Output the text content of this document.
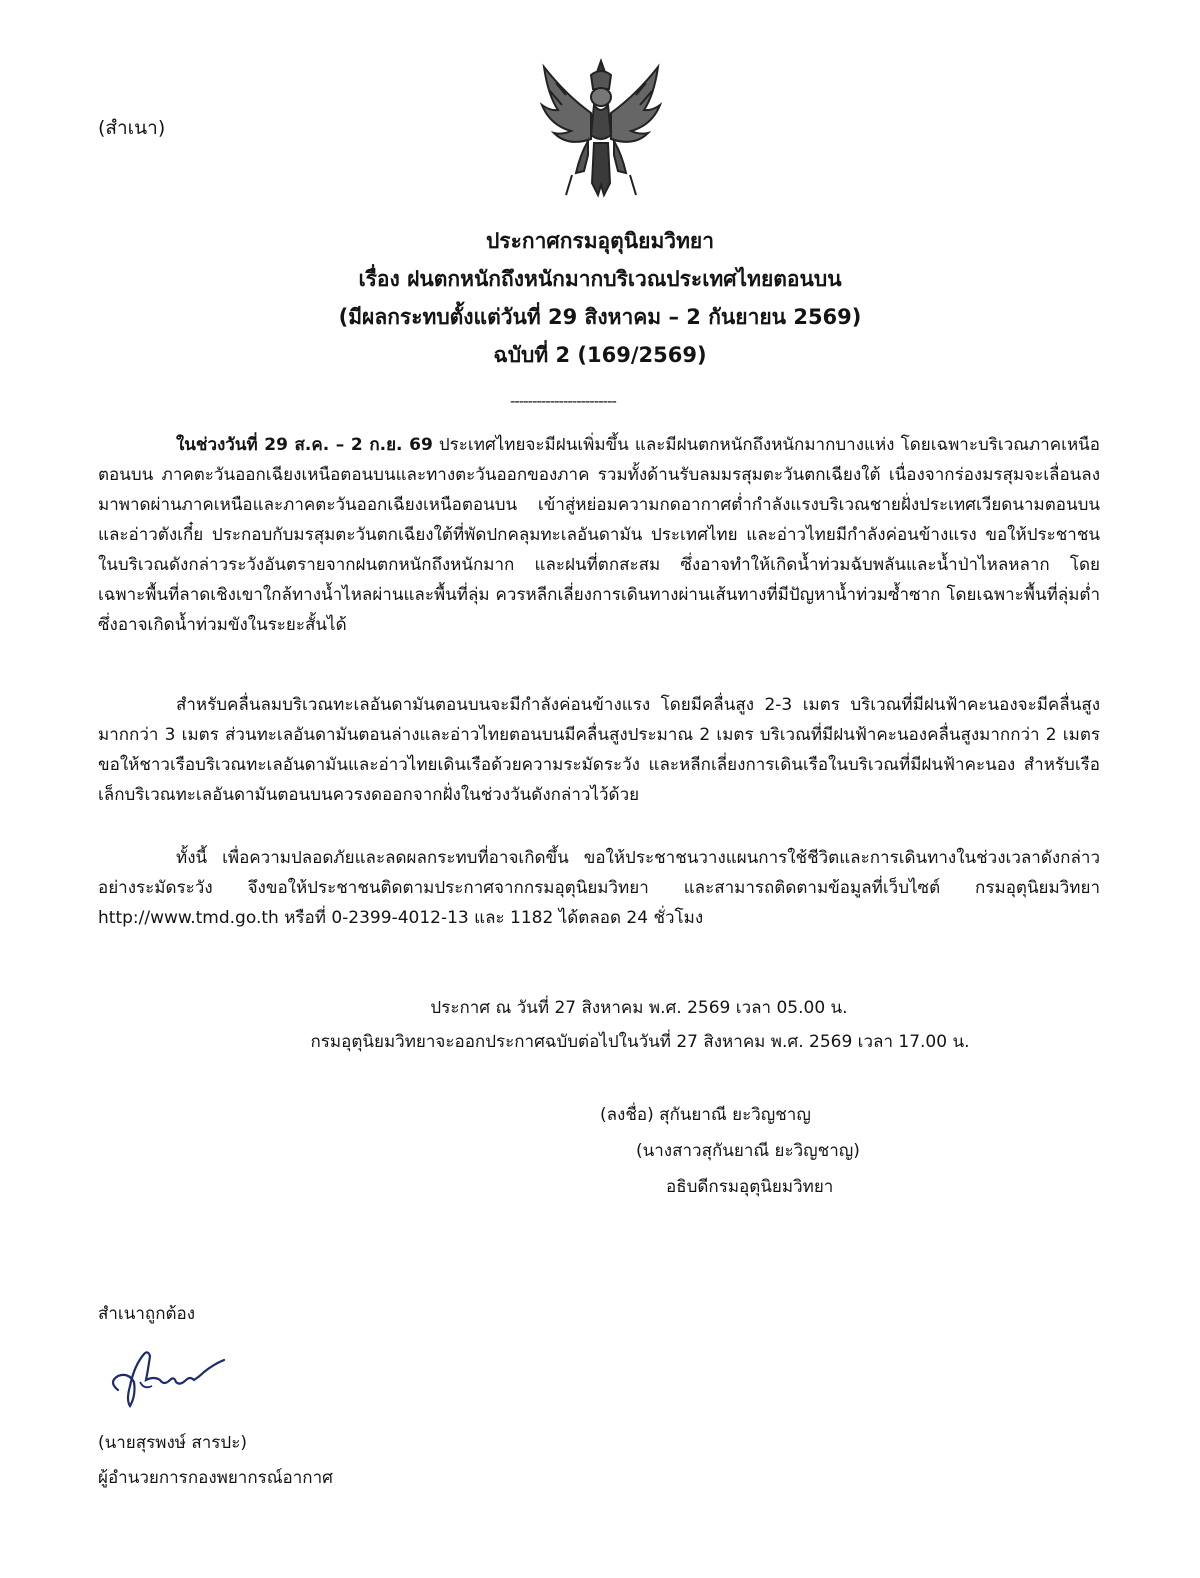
(สำเนา)
ประกาศกรมอุตุนิยมวิทยา
เรื่อง ฝนตกหนักถึงหนักมากบริเวณประเทศไทยตอนบน
(มีผลกระทบตั้งแต่วันที่ 29 สิงหาคม – 2 กันยายน 2569)
ฉบับที่ 2 (169/2569)
------------------------

ในช่วงวันที่ 29 ส.ค. – 2 ก.ย. 69 ประเทศไทยจะมีฝนเพิ่มขึ้น และมีฝนตกหนักถึงหนักมากบางแห่ง โดยเฉพาะบริเวณภาคเหนือตอนบน ภาคตะวันออกเฉียงเหนือตอนบนและทางตะวันออกของภาค รวมทั้งด้านรับลมมรสุมตะวันตกเฉียงใต้ เนื่องจากร่องมรสุมจะเลื่อนลงมาพาดผ่านภาคเหนือและภาคตะวันออกเฉียงเหนือตอนบน เข้าสู่หย่อมความกดอากาศต่ำกำลังแรงบริเวณชายฝั่งประเทศเวียดนามตอนบนและอ่าวตังเกี๋ย ประกอบกับมรสุมตะวันตกเฉียงใต้ที่พัดปกคลุมทะเลอันดามัน ประเทศไทย และอ่าวไทยมีกำลังค่อนข้างแรง ขอให้ประชาชนในบริเวณดังกล่าวระวังอันตรายจากฝนตกหนักถึงหนักมาก และฝนที่ตกสะสม ซึ่งอาจทำให้เกิดน้ำท่วมฉับพลันและน้ำป่าไหลหลาก โดยเฉพาะพื้นที่ลาดเชิงเขาใกล้ทางน้ำไหลผ่านและพื้นที่ลุ่ม ควรหลีกเลี่ยงการเดินทางผ่านเส้นทางที่มีปัญหาน้ำท่วมซ้ำซาก โดยเฉพาะพื้นที่ลุ่มต่ำ ซึ่งอาจเกิดน้ำท่วมขังในระยะสั้นได้

สำหรับคลื่นลมบริเวณทะเลอันดามันตอนบนจะมีกำลังค่อนข้างแรง โดยมีคลื่นสูง 2-3 เมตร บริเวณที่มีฝนฟ้าคะนองจะมีคลื่นสูงมากกว่า 3 เมตร ส่วนทะเลอันดามันตอนล่างและอ่าวไทยตอนบนมีคลื่นสูงประมาณ 2 เมตร บริเวณที่มีฝนฟ้าคะนองคลื่นสูงมากกว่า 2 เมตร ขอให้ชาวเรือบริเวณทะเลอันดามันและอ่าวไทยเดินเรือด้วยความระมัดระวัง และหลีกเลี่ยงการเดินเรือในบริเวณที่มีฝนฟ้าคะนอง สำหรับเรือเล็กบริเวณทะเลอันดามันตอนบนควรงดออกจากฝั่งในช่วงวันดังกล่าวไว้ด้วย

ทั้งนี้ เพื่อความปลอดภัยและลดผลกระทบที่อาจเกิดขึ้น ขอให้ประชาชนวางแผนการใช้ชีวิตและการเดินทางในช่วงเวลาดังกล่าวอย่างระมัดระวัง จึงขอให้ประชาชนติดตามประกาศจากกรมอุตุนิยมวิทยา และสามารถติดตามข้อมูลที่เว็บไซต์ กรมอุตุนิยมวิทยา http://www.tmd.go.th หรือที่ 0-2399-4012-13 และ 1182 ได้ตลอด 24 ชั่วโมง

ประกาศ ณ วันที่ 27 สิงหาคม พ.ศ. 2569 เวลา 05.00 น.
กรมอุตุนิยมวิทยาจะออกประกาศฉบับต่อไปในวันที่ 27 สิงหาคม พ.ศ. 2569 เวลา 17.00 น.
(ลงชื่อ) สุกันยาณี ยะวิญชาญ
(นางสาวสุกันยาณี ยะวิญชาญ)
อธิบดีกรมอุตุนิยมวิทยา
สำเนาถูกต้อง
(นายสุรพงษ์ สารปะ)
ผู้อำนวยการกองพยากรณ์อากาศ
